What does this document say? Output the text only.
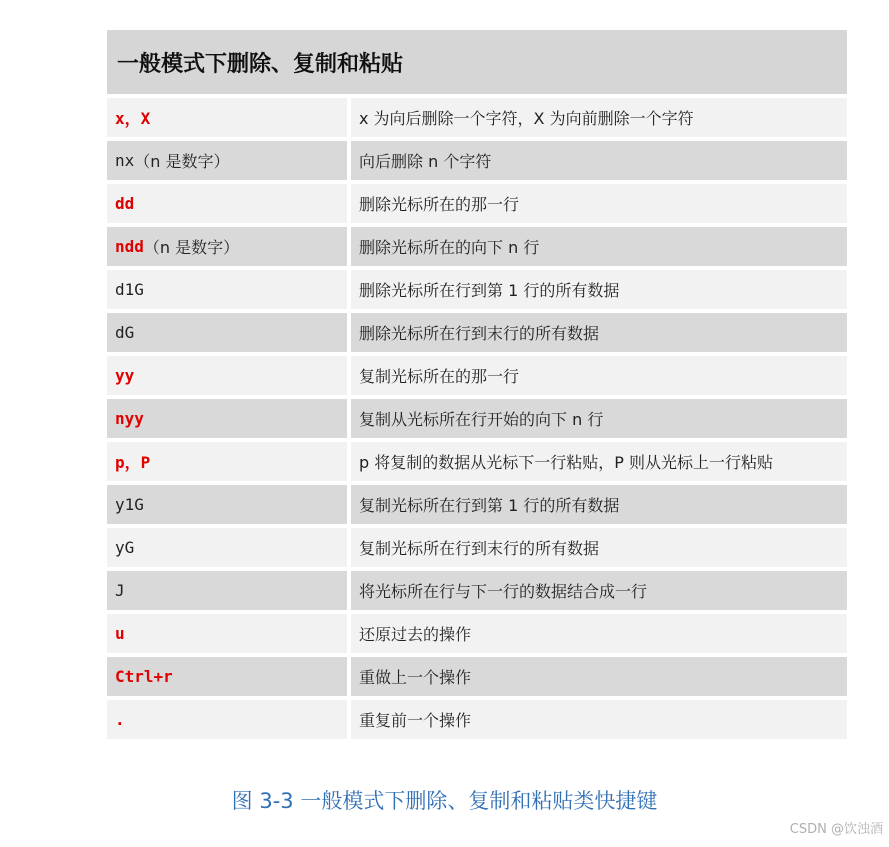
一般模式下删除、复制和粘贴
x，X	x 为向后删除一个字符，X 为向前删除一个字符
nx （n 是数字）	向后删除 n 个字符
dd	删除光标所在的那一行
ndd （n 是数字）	删除光标所在的向下 n 行
d1G	删除光标所在行到第 1 行的所有数据
dG	删除光标所在行到末行的所有数据
yy	复制光标所在的那一行
nyy	复制从光标所在行开始的向下 n 行
p，P	p 将复制的数据从光标下一行粘贴，P 则从光标上一行粘贴
y1G	复制光标所在行到第 1 行的所有数据
yG	复制光标所在行到末行的所有数据
J	将光标所在行与下一行的数据结合成一行
u	还原过去的操作
Ctrl+r	重做上一个操作
.	重复前一个操作
图 3-3 一般模式下删除、复制和粘贴类快捷键
CSDN @饮浊酒
